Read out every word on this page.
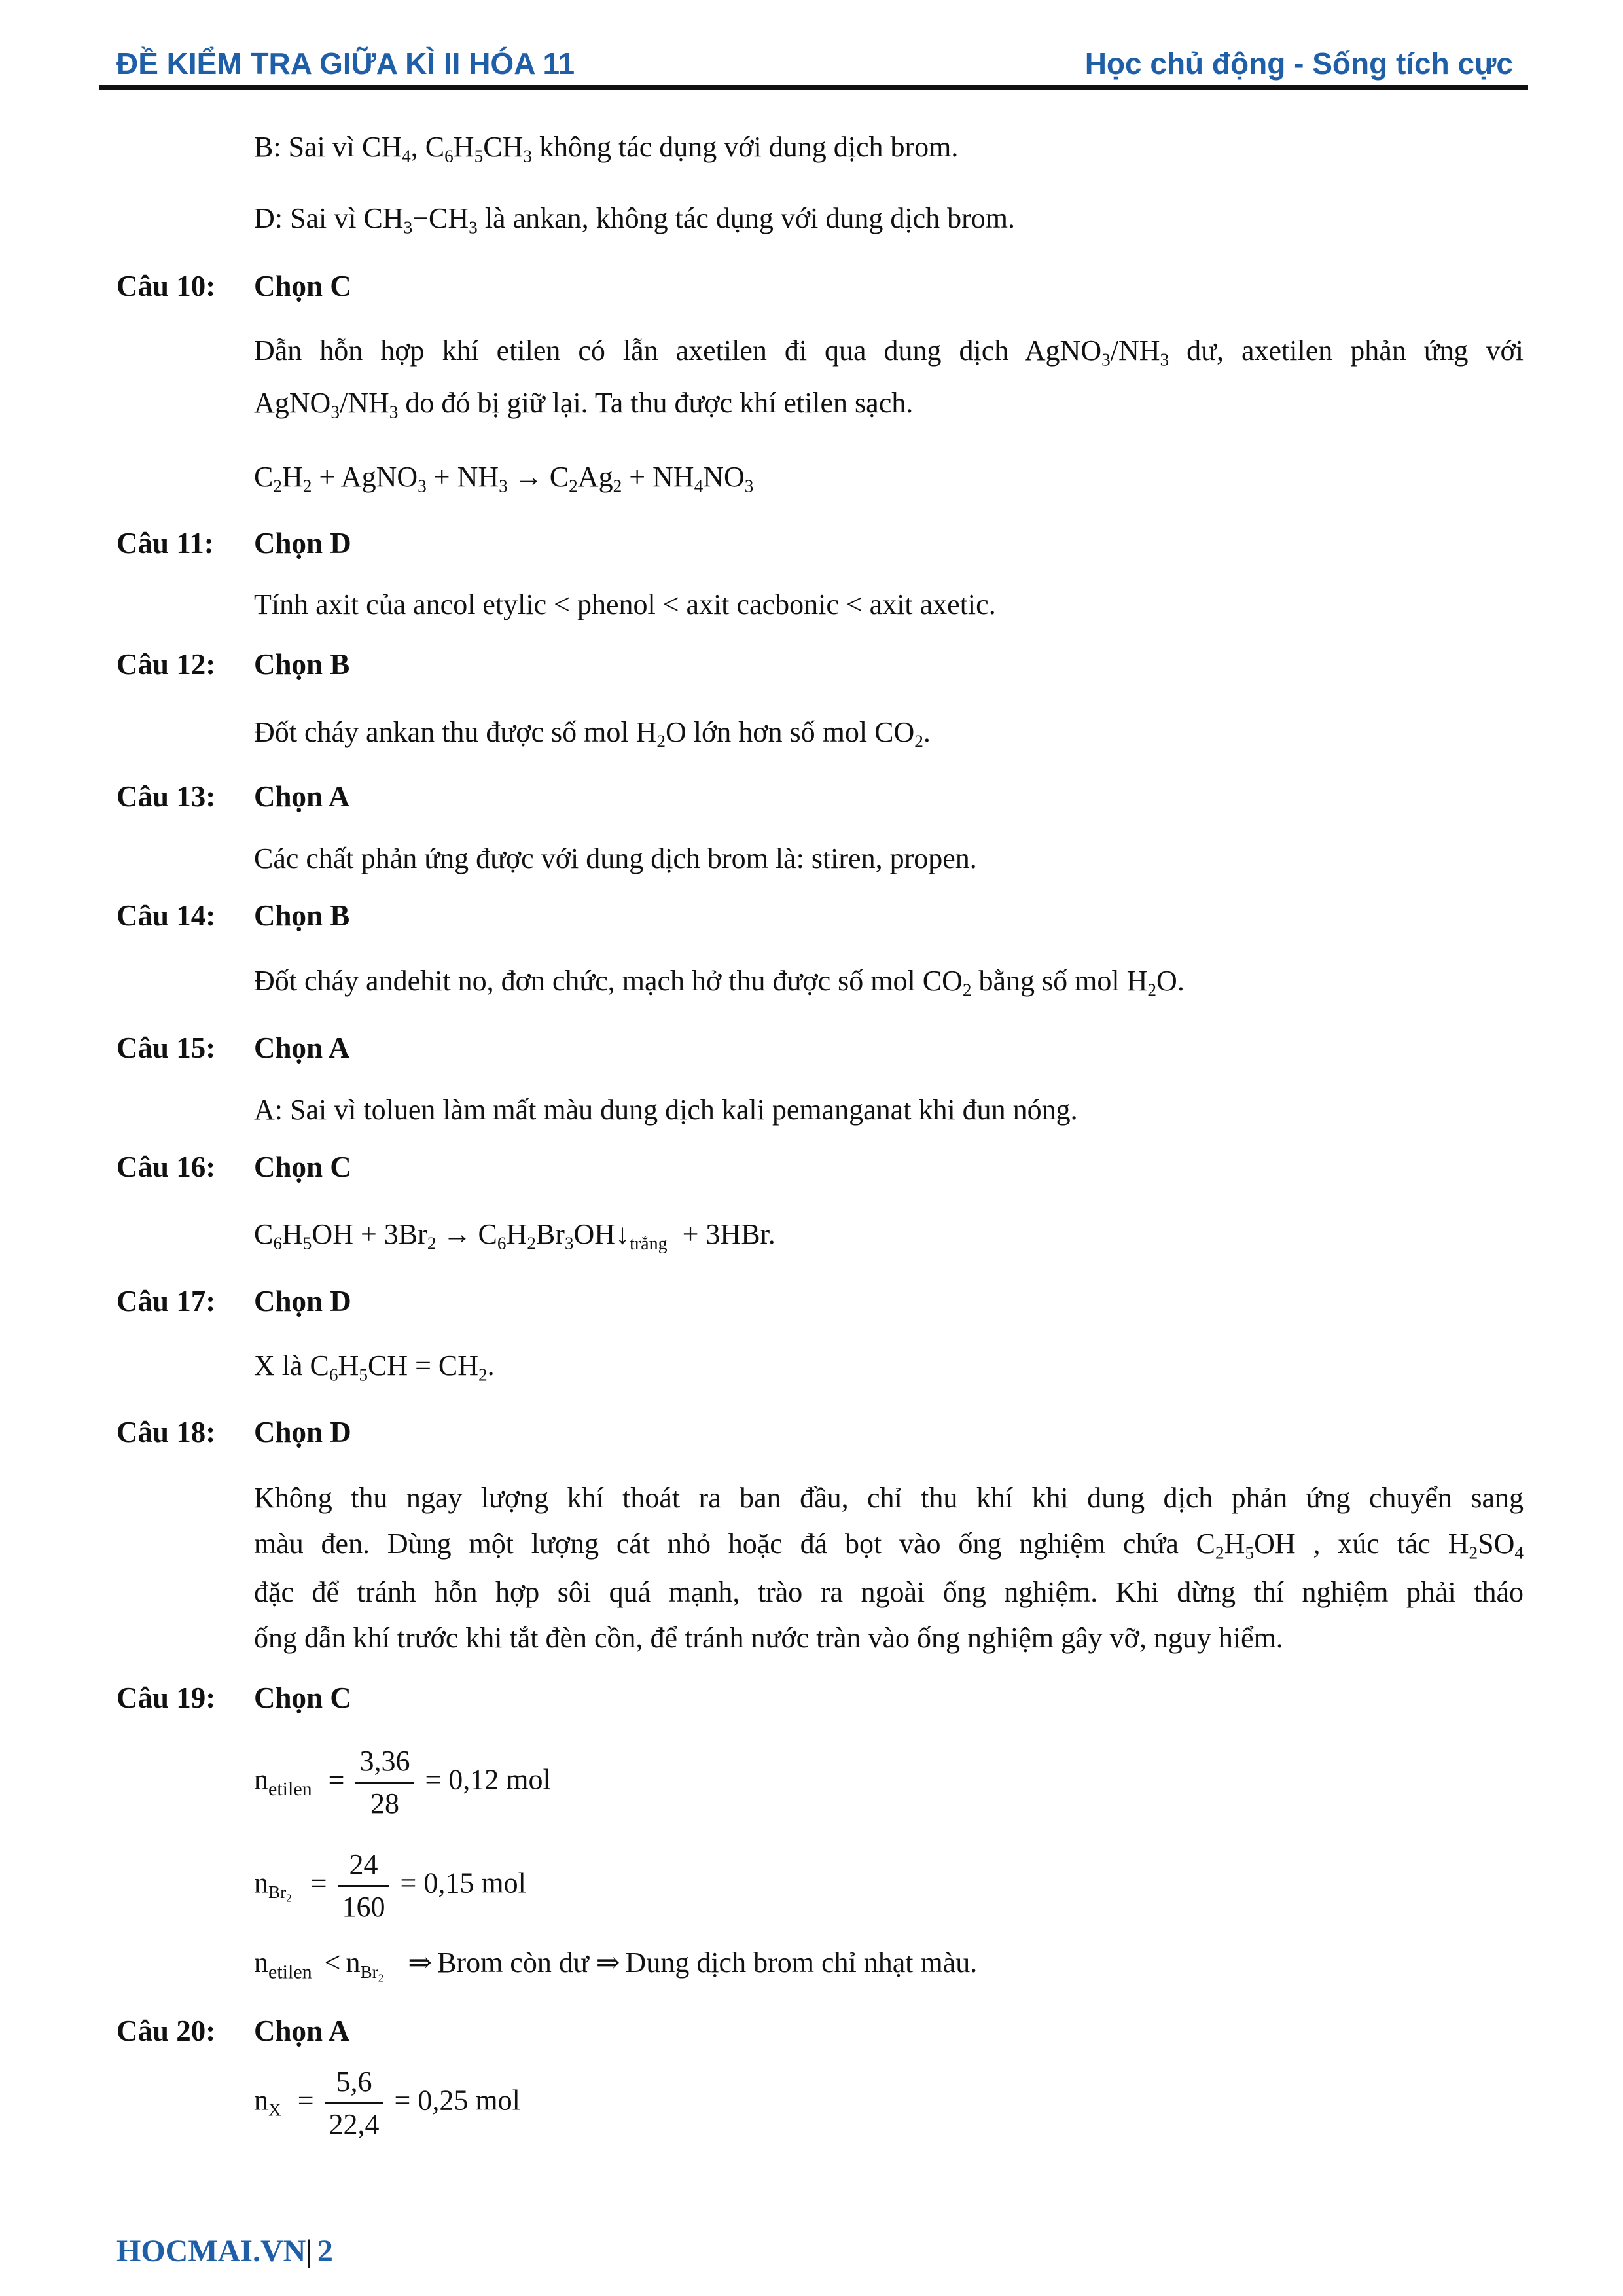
ĐỀ KIỂM TRA GIỮA KÌ II HÓA 11	Học chủ động - Sống tích cực
B: Sai vì $CH_4$, $C_6H_5CH_3$ không tác dụng với dung dịch brom.
D: Sai vì $CH_3-CH_3$ là ankan, không tác dụng với dung dịch brom.
Câu 10: Chọn C
Dẫn hỗn hợp khí etilen có lẫn axetilen đi qua dung dịch $AgNO_3/NH_3$ dư, axetilen phản ứng với
$AgNO_3/NH_3$ do đó bị giữ lại. Ta thu được khí etilen sạch.
$C_2H_2$ + AgNO$_3$ + $NH_3 \to C_2Ag_2 + NH_4NO_3$
Câu 11: Chọn D
Tính axit của ancol etylic < phenol < axit cacbonic < axit axetic.
Câu 12: Chọn B
Đốt cháy ankan thu được số mol $H_2O$ lớn hơn số mol $CO_2$.
Câu 13: Chọn A
Các chất phản ứng được với dung dịch brom là: stiren, propen.
Câu 14: Chọn B
Đốt cháy andehit no, đơn chức, mạch hở thu được số mol $CO_2$ bằng số mol $H_2O$.
Câu 15: Chọn A
A: Sai vì toluen làm mất màu dung dịch kali pemanganat khi đun nóng.
Câu 16: Chọn C
$C_6H_5OH + 3Br_2$ → $C_6H_2Br_3OH↓_{trắng} + 3HBr$.
Câu 17: Chọn D
X là $C_6H_5CH = CH_2$.
Câu 18: Chọn D
Không thu ngay lượng khí thoát ra ban đầu, chỉ thu khí khi dung dịch phản ứng chuyển sang
màu đen. Dùng một lượng cát nhỏ hoặc đá bọt vào ống nghiệm chứa $C_2H_5OH$ , xúc tác $H_2SO_4$
đặc để tránh hỗn hợp sôi quá mạnh, trào ra ngoài ống nghiệm. Khi dừng thí nghiệm phải tháo
ống dẫn khí trước khi tắt đèn cồn, để tránh nước tràn vào ống nghiệm gây vỡ, nguy hiểm.
Câu 19: Chọn C
$n_{etilen} = \frac{3,36}{28} = 0,12$ mol
$n_{Br_2} = \frac{24}{160} = 0,15$ mol
$n_{etilen} < n_{Br_2}$ ⇒ Brom còn dư ⇒ Dung dịch brom chỉ nhạt màu.
Câu 20: Chọn A
$n_X = \frac{5,6}{22,4} = 0,25$ mol
HOCMAI.VN| 2
